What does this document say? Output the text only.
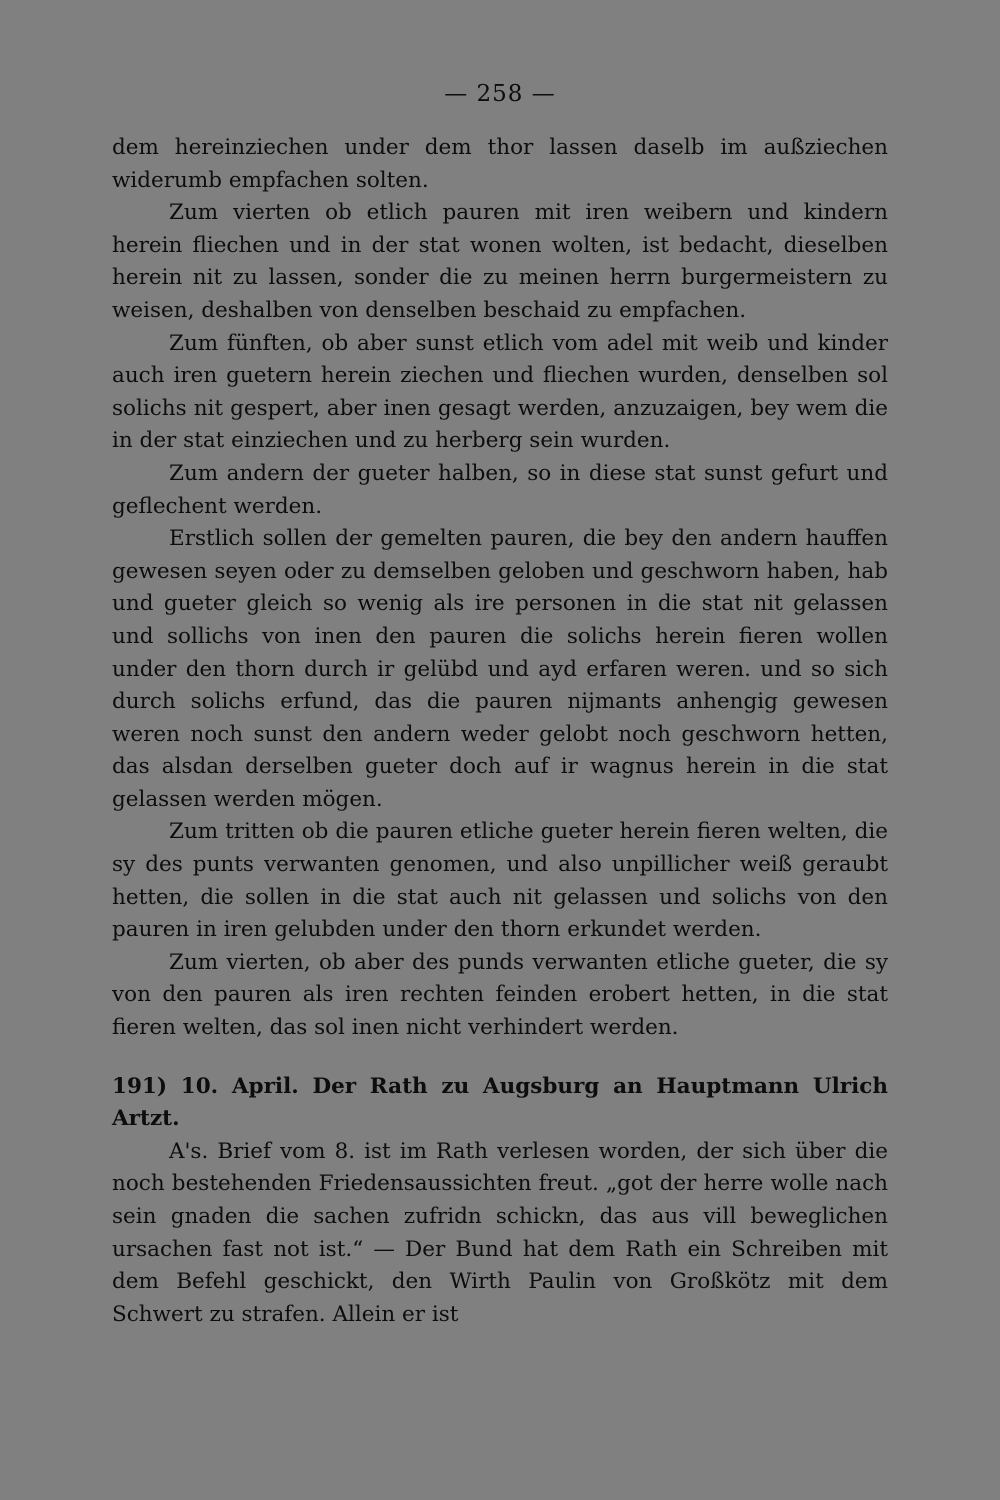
— 258 —

dem hereinziechen under dem thor lassen daselb im außziechen widerumb empfachen solten.

Zum vierten ob etlich pauren mit iren weibern und kindern herein fliechen und in der stat wonen wolten, ist bedacht, dieselben herein nit zu lassen, sonder die zu meinen herrn burgermeistern zu weisen, deshalben von denselben beschaid zu empfachen.

Zum fünften, ob aber sunst etlich vom adel mit weib und kinder auch iren guetern herein ziechen und fliechen wurden, denselben sol solichs nit gespert, aber inen gesagt werden, anzuzaigen, bey wem die in der stat einziechen und zu herberg sein wurden.

Zum andern der gueter halben, so in diese stat sunst gefurt und geflechent werden.

Erstlich sollen der gemelten pauren, die bey den andern hauffen gewesen seyen oder zu demselben geloben und geschworn haben, hab und gueter gleich so wenig als ire personen in die stat nit gelassen und sollichs von inen den pauren die solichs herein fieren wollen under den thorn durch ir gelübd und ayd erfaren weren. und so sich durch solichs erfund, das die pauren nijmants anhengig gewesen weren noch sunst den andern weder gelobt noch geschworn hetten, das alsdan derselben gueter doch auf ir wagnus herein in die stat gelassen werden mögen.

Zum tritten ob die pauren etliche gueter herein fieren welten, die sy des punts verwanten genomen, und also unpillicher weiß geraubt hetten, die sollen in die stat auch nit gelassen und solichs von den pauren in iren gelubden under den thorn erkundet werden.

Zum vierten, ob aber des punds verwanten etliche gueter, die sy von den pauren als iren rechten feinden erobert hetten, in die stat fieren welten, das sol inen nicht verhindert werden.

191) 10. April. Der Rath zu Augsburg an Hauptmann Ulrich Artzt.

A's. Brief vom 8. ist im Rath verlesen worden, der sich über die noch bestehenden Friedensaussichten freut. „got der herre wolle nach sein gnaden die sachen zufridn schickn, das aus vill beweglichen ursachen fast not ist.“ — Der Bund hat dem Rath ein Schreiben mit dem Befehl geschickt, den Wirth Paulin von Großkötz mit dem Schwert zu strafen. Allein er ist
